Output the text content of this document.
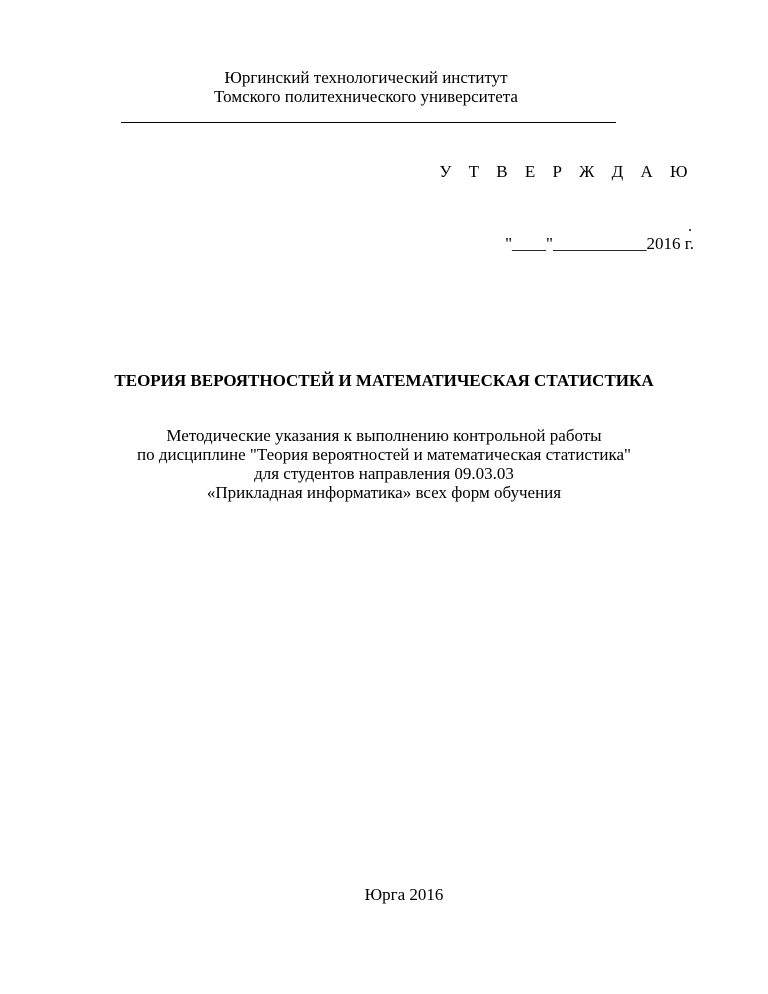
Юргинский технологический институт
Томского политехнического университета
У Т В Е Р Ж Д А Ю
.
"____"___________2016 г.
ТЕОРИЯ ВЕРОЯТНОСТЕЙ И МАТЕМАТИЧЕСКАЯ СТАТИСТИКА
Методические указания к выполнению контрольной работы
по дисциплине "Теория вероятностей и математическая статистика"
для студентов направления 09.03.03
«Прикладная информатика» всех форм обучения
Юрга 2016
